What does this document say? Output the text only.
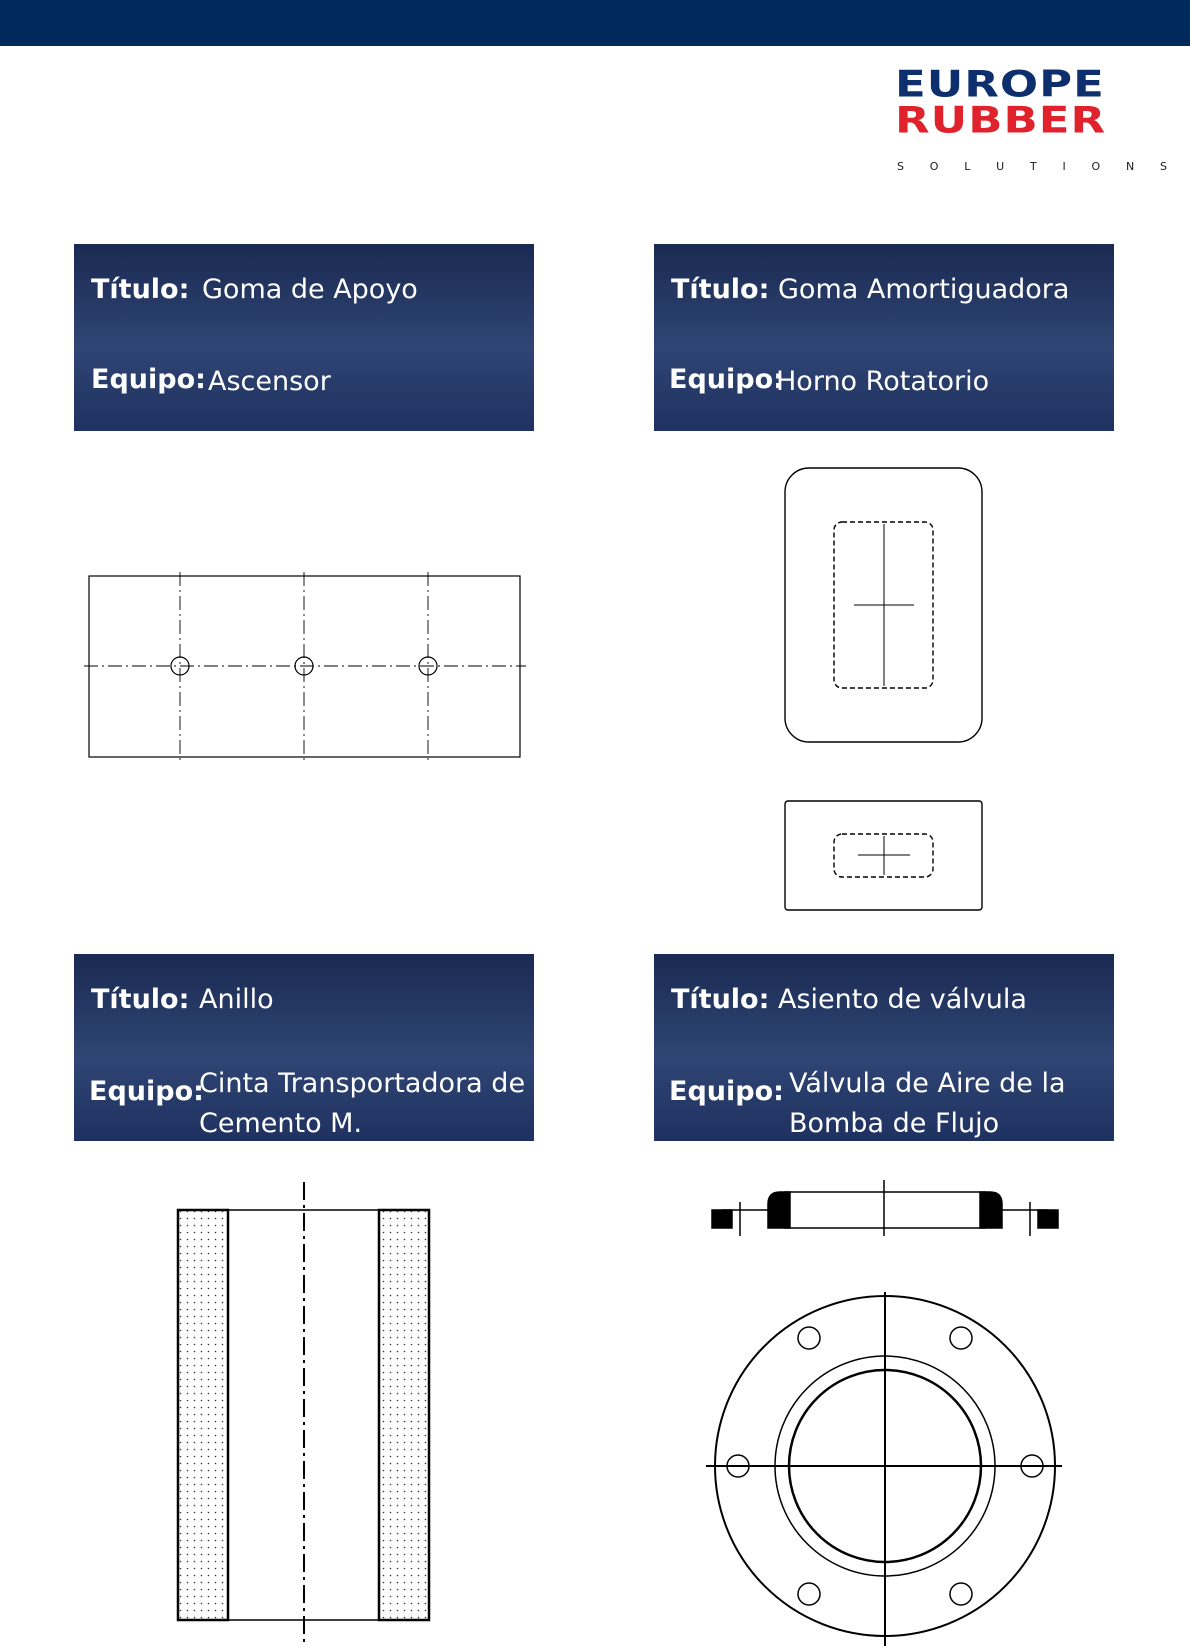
EUROPE
RUBBER
S O L U T I O N S
Título: Goma de Apoyo
Equipo: Ascensor
Título: Goma Amortiguadora
Equipo:
Horno Rotatorio
Título: Anillo
Equipo:
Cinta Transportadora de
Cemento M.
Título: Asiento de válvula
Equipo: Válvula de Aire de la
Bomba de Flujo
